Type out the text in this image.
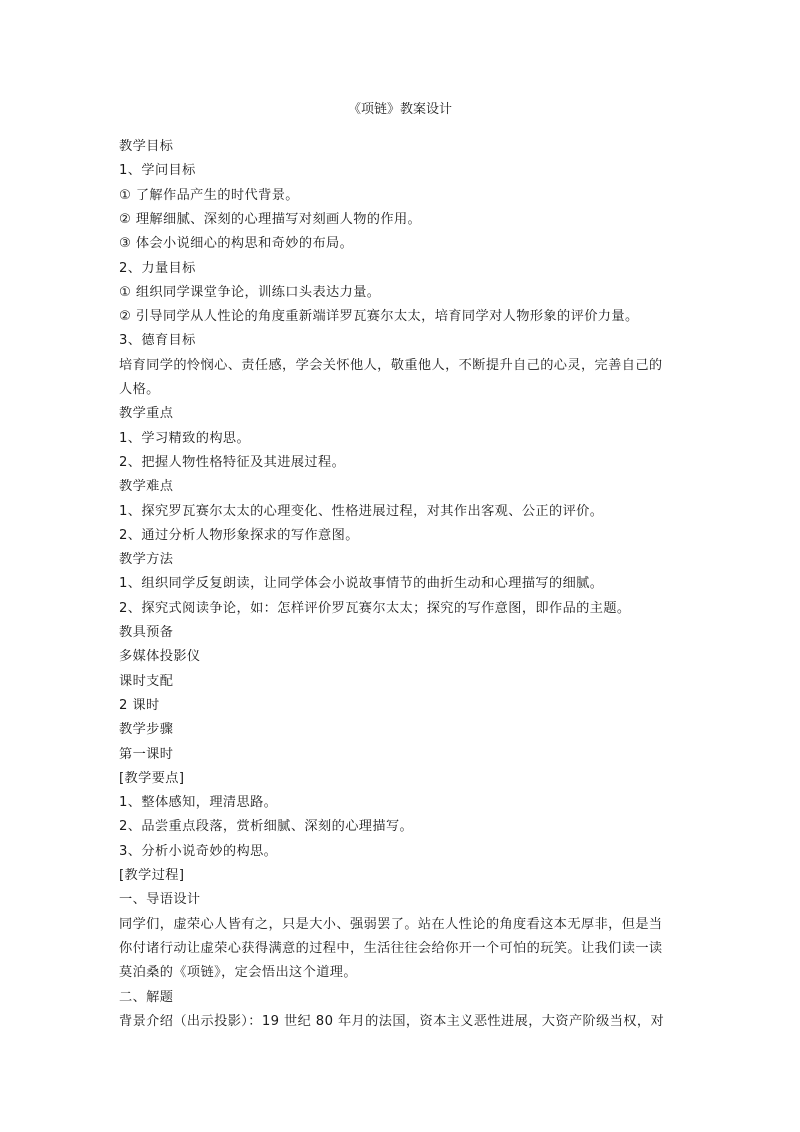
《项链》教案设计
教学目标
1、学问目标
① 了解作品产生的时代背景。
② 理解细腻、深刻的心理描写对刻画人物的作用。
③ 体会小说细心的构思和奇妙的布局。
2、力量目标
① 组织同学课堂争论，训练口头表达力量。
② 引导同学从人性论的角度重新端详罗瓦赛尔太太，培育同学对人物形象的评价力量。
3、德育目标
培育同学的怜悯心、责任感，学会关怀他人，敬重他人，不断提升自己的心灵，完善自己的
人格。
教学重点
1、学习精致的构思。
2、把握人物性格特征及其进展过程。
教学难点
1、探究罗瓦赛尔太太的心理变化、性格进展过程，对其作出客观、公正的评价。
2、通过分析人物形象探求的写作意图。
教学方法
1、组织同学反复朗读，让同学体会小说故事情节的曲折生动和心理描写的细腻。
2、探究式阅读争论，如：怎样评价罗瓦赛尔太太；探究的写作意图，即作品的主题。
教具预备
多媒体投影仪
课时支配
2 课时
教学步骤
第一课时
[教学要点]
1、整体感知，理清思路。
2、品尝重点段落，赏析细腻、深刻的心理描写。
3、分析小说奇妙的构思。
[教学过程]
一、导语设计
同学们，虚荣心人皆有之，只是大小、强弱罢了。站在人性论的角度看这本无厚非，但是当
你付诸行动让虚荣心获得满意的过程中，生活往往会给你开一个可怕的玩笑。让我们读一读
莫泊桑的《项链》，定会悟出这个道理。
二、解题
背景介绍（出示投影）：19 世纪 80 年月的法国，资本主义恶性进展，大资产阶级当权，对
